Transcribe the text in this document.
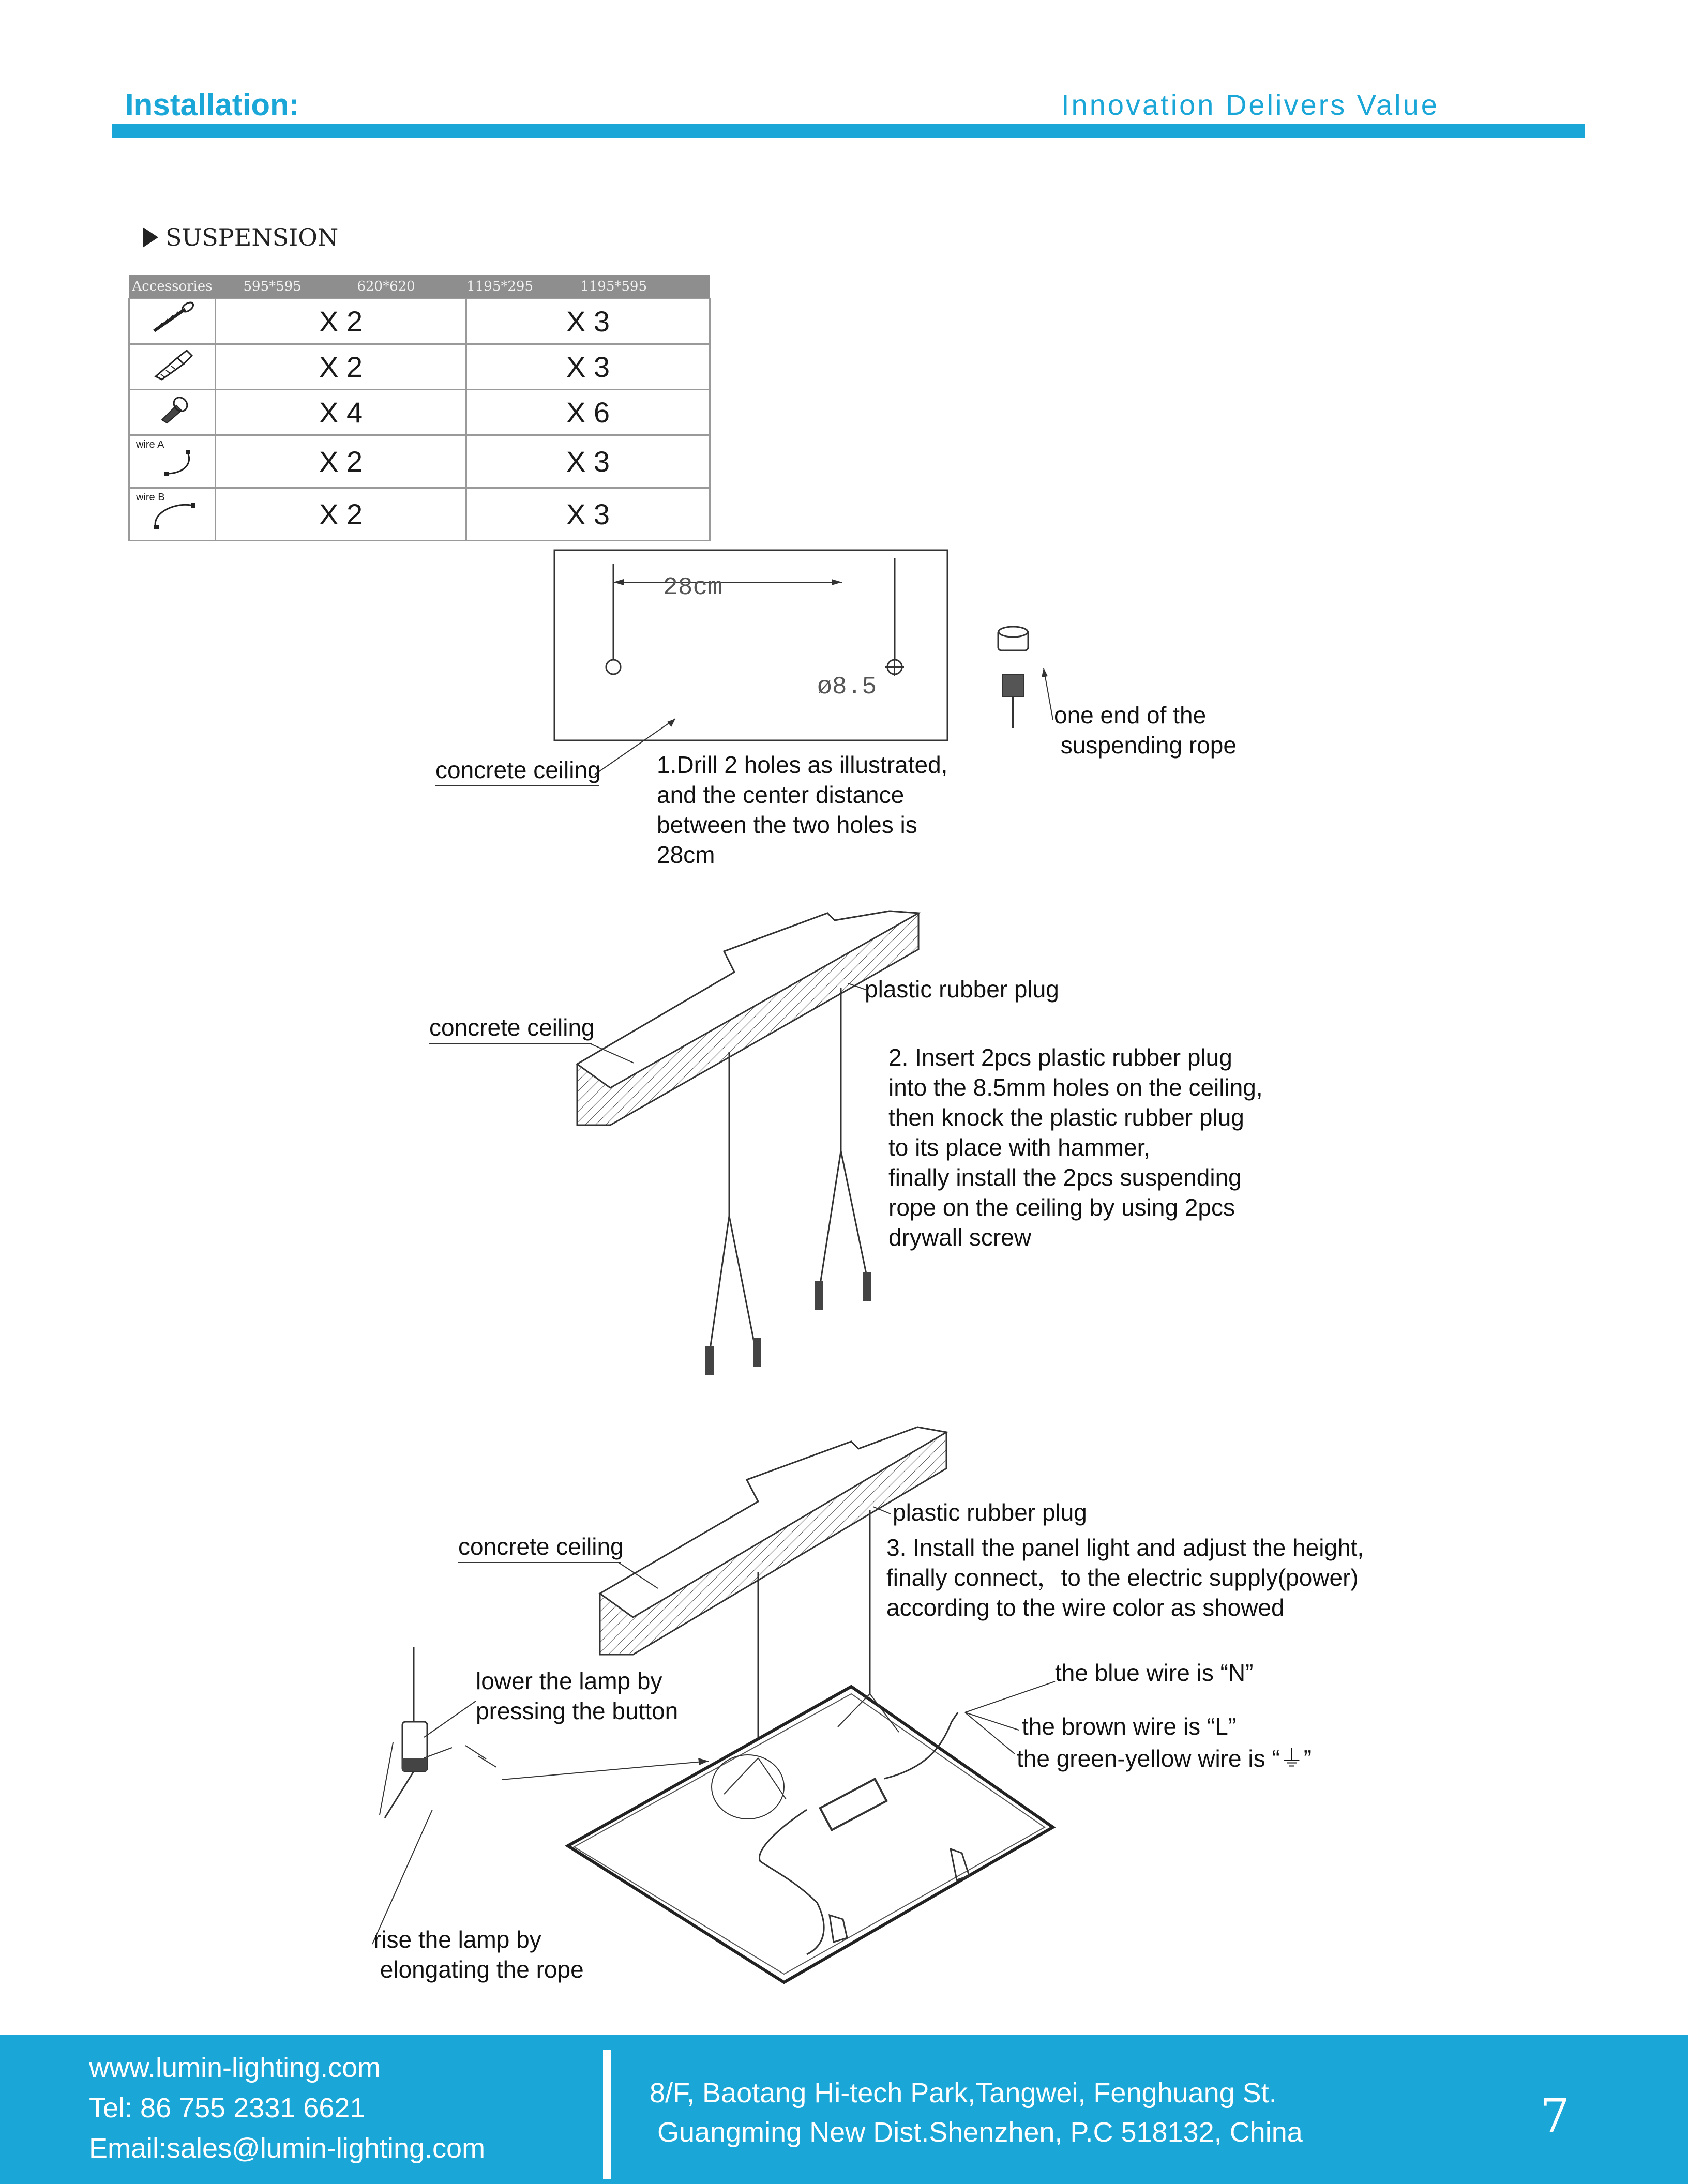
Installation:	Innovation Delivers Value
SUSPENSION
Accessories	595*595 620*620 1195*295 1195*595	
	X 2	X 3
	X 2	X 3
	X 4	X 6

wire A	X 2	X 3

wire B	X 2	X 3
concrete ceiling
28cm
ø8.5
1.Drill 2 holes as illustrated,
and the center distance
between the two holes is
28cm
one end of the
suspending rope
concrete ceiling
plastic rubber plug
2. Insert 2pcs plastic rubber plug
into the 8.5mm holes on the ceiling,
then knock the plastic rubber plug
to its place with hammer,
finally install the 2pcs suspending
rope on the ceiling by using 2pcs
drywall screw
concrete ceiling
plastic rubber plug
3. Install the panel light and adjust the height,
finally connect，to the electric supply(power)
according to the wire color as showed
lower the lamp by
pressing the button
rise the lamp by
elongating the rope
the blue wire is “N”
the brown wire is “L”
the green-yellow wire is “⏚”
www.lumin-lighting.com
Tel: 86 755 2331 6621
Email:sales@lumin-lighting.com
8/F, Baotang Hi-tech Park,Tangwei, Fenghuang St.
Guangming New Dist.Shenzhen, P.C 518132, China	7
